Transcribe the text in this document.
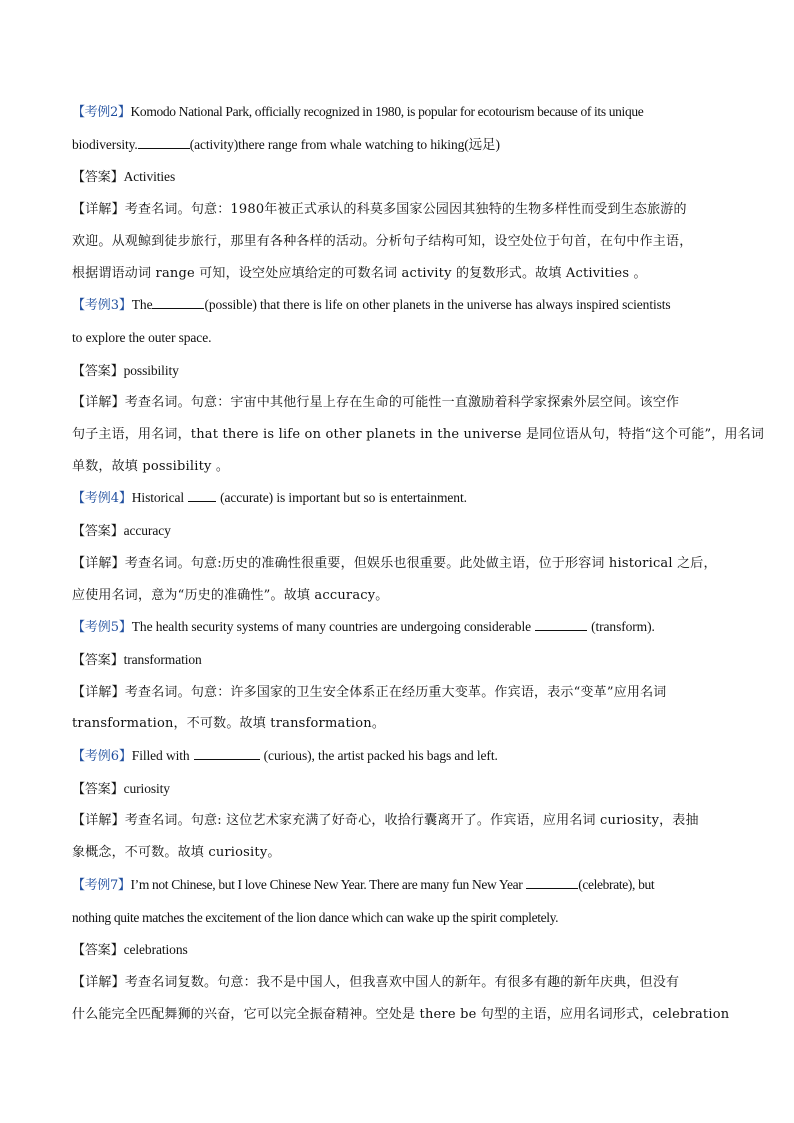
【考例2】Komodo National Park, officially recognized in 1980, is popular for ecotourism because of its unique
biodiversity.	(activity)there range from whale watching to hiking(远足)
【答案】Activities
【详解】考查名词。句意：1980年被正式承认的科莫多国家公园因其独特的生物多样性而受到生态旅游的
欢迎。从观鲸到徒步旅行，那里有各种各样的活动。分析句子结构可知，设空处位于句首，在句中作主语，
根据谓语动词 range 可知，设空处应填给定的可数名词 activity 的复数形式。故填 Activities 。
【考例3】The	(possible) that there is life on other planets in the universe has always inspired scientists
to explore the outer space.
【答案】possibility
【详解】考查名词。句意：宇宙中其他行星上存在生命的可能性一直激励着科学家探索外层空间。该空作
句子主语，用名词，that there is life on other planets in the universe 是同位语从句，特指“这个可能”，用名词
单数，故填 possibility 。
【考例4】Historical	(accurate) is important but so is entertainment.
【答案】accuracy
【详解】考查名词。句意:历史的准确性很重要，但娱乐也很重要。此处做主语，位于形容词 historical 之后，
应使用名词，意为“历史的准确性”。故填 accuracy。
【考例5】The health security systems of many countries are undergoing considerable	(transform).
【答案】transformation
【详解】考查名词。句意：许多国家的卫生安全体系正在经历重大变革。作宾语，表示“变革”应用名词
transformation，不可数。故填 transformation。
【考例6】Filled with	(curious), the artist packed his bags and left.
【答案】curiosity
【详解】考查名词。句意: 这位艺术家充满了好奇心，收拾行囊离开了。作宾语，应用名词 curiosity，表抽
象概念，不可数。故填 curiosity。
【考例7】I’m not Chinese, but I love Chinese New Year. There are many fun New Year	(celebrate), but
nothing quite matches the excitement of the lion dance which can wake up the spirit completely.
【答案】celebrations
【详解】考查名词复数。句意：我不是中国人，但我喜欢中国人的新年。有很多有趣的新年庆典，但没有
什么能完全匹配舞狮的兴奋，它可以完全振奋精神。空处是 there be 句型的主语，应用名词形式，celebration
